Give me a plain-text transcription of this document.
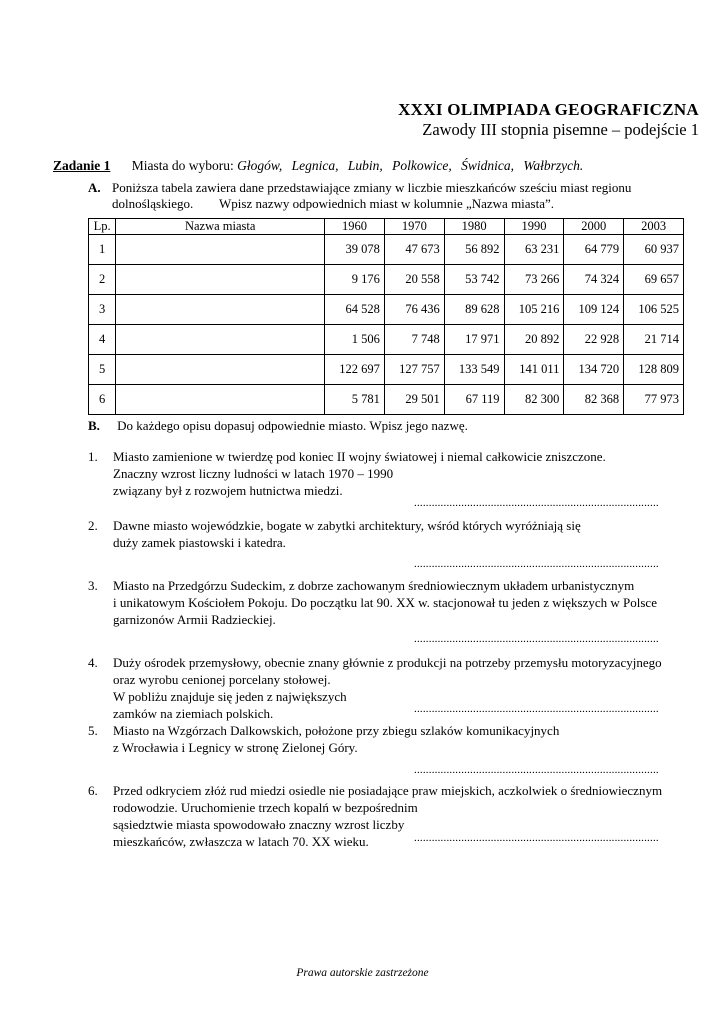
XXXI OLIMPIADA GEOGRAFICZNA
Zawody III stopnia pisemne – podejście 1
Zadanie 1 Miasta do wyboru: Głogów, Legnica, Lubin, Polkowice, Świdnica, Wałbrzych.
A. Poniższa tabela zawiera dane przedstawiające zmiany w liczbie mieszkańców sześciu miast regionu
dolnośląskiego.        Wpisz nazwy odpowiednich miast w kolumnie „Nazwa miasta”.
Lp.	Nazwa miasta	1960	1970	1980	1990	2000	2003
1		39 078	47 673	56 892	63 231	64 779	60 937
2		9 176	20 558	53 742	73 266	74 324	69 657
3		64 528	76 436	89 628	105 216	109 124	106 525
4		1 506	7 748	17 971	20 892	22 928	21 714
5		122 697	127 757	133 549	141 011	134 720	128 809
6		5 781	29 501	67 119	82 300	82 368	77 973
B. Do każdego opisu dopasuj odpowiednie miasto. Wpisz jego nazwę.
1. Miasto zamienione w twierdzę pod koniec II wojny światowej i niemal całkowicie zniszczone.
Znaczny wzrost liczny ludności w latach 1970 – 1990
związany był z rozwojem hutnictwa miedzi.
...................................................................................
2. Dawne miasto wojewódzkie, bogate w zabytki architektury, wśród których wyróżniają się
duży zamek piastowski i katedra.
...................................................................................
3. Miasto na Przedgórzu Sudeckim, z dobrze zachowanym średniowiecznym układem urbanistycznym
i unikatowym Kościołem Pokoju. Do początku lat 90. XX w. stacjonował tu jeden z większych w Polsce
garnizonów Armii Radzieckiej.
...................................................................................
4. Duży ośrodek przemysłowy, obecnie znany głównie z produkcji na potrzeby przemysłu motoryzacyjnego
oraz wyrobu cenionej porcelany stołowej.
W pobliżu znajduje się jeden z największych
zamków na ziemiach polskich.	...................................................................................
5. Miasto na Wzgórzach Dalkowskich, położone przy zbiegu szlaków komunikacyjnych
z Wrocławia i Legnicy w stronę Zielonej Góry.
...................................................................................
6. Przed odkryciem złóż rud miedzi osiedle nie posiadające praw miejskich, aczkolwiek o średniowiecznym
rodowodzie. Uruchomienie trzech kopalń w bezpośrednim
sąsiedztwie miasta spowodowało znaczny wzrost liczby
mieszkańców, zwłaszcza w latach 70. XX wieku.	...................................................................................
Prawa autorskie zastrzeżone
